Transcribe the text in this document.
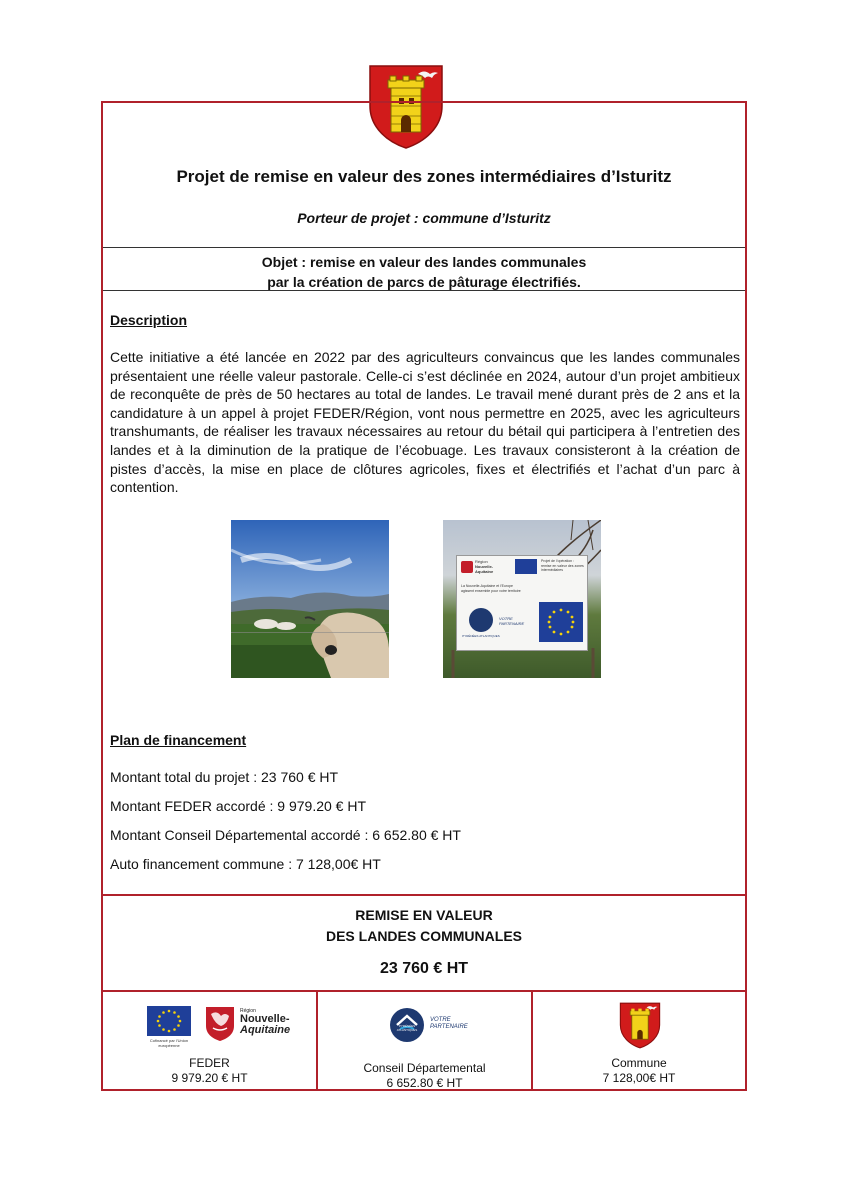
Projet de remise en valeur des zones intermédiaires d’Isturitz
Porteur de projet : commune d’Isturitz
Objet : remise en valeur des landes communales
par la création de parcs de pâturage électrifiés.
Description
Cette initiative a été lancée en 2022 par des agriculteurs convaincus que les landes communales présentaient une réelle valeur pastorale. Celle-ci s’est déclinée en 2024, autour d’un projet ambitieux de reconquête de près de 50 hectares au total de landes. Le travail mené durant près de 2 ans et la candidature à un appel à projet FEDER/Région, vont nous permettre en 2025, avec les agriculteurs transhumants, de réaliser les travaux nécessaires au retour du bétail qui participera à l’entretien des landes et à la diminution de la pratique de l’écobuage. Les travaux consisteront à la création de pistes d’accès, la mise en place de clôtures agricoles, fixes et électrifiés et l’achat d’un parc à contention.
Région
Nouvelle-
Aquitaine
Projet de l’opération :
remise en valeur des zones
intermédiaires
La Nouvelle-Aquitaine et l’Europe
agissent ensemble pour votre territoire
PYRÉNÉES ATLANTIQUES
VOTRE
PARTENAIRE
Plan de financement
Montant total du projet : 23 760 € HT
Montant FEDER accordé : 9 979.20 € HT
Montant Conseil Départemental accordé : 6 652.80 € HT
Auto financement commune : 7 128,00€ HT
REMISE EN VALEUR
DES LANDES COMMUNALES
23 760 € HT
Cofinancé par l’Union européenne
Région
Nouvelle-
Aquitaine
FEDER
9 979.20 € HT
PYRÉNÉES ATLANTIQUES
VOTRE
PARTENAIRE
Conseil Départemental
6 652.80 € HT
Commune
7 128,00€ HT
